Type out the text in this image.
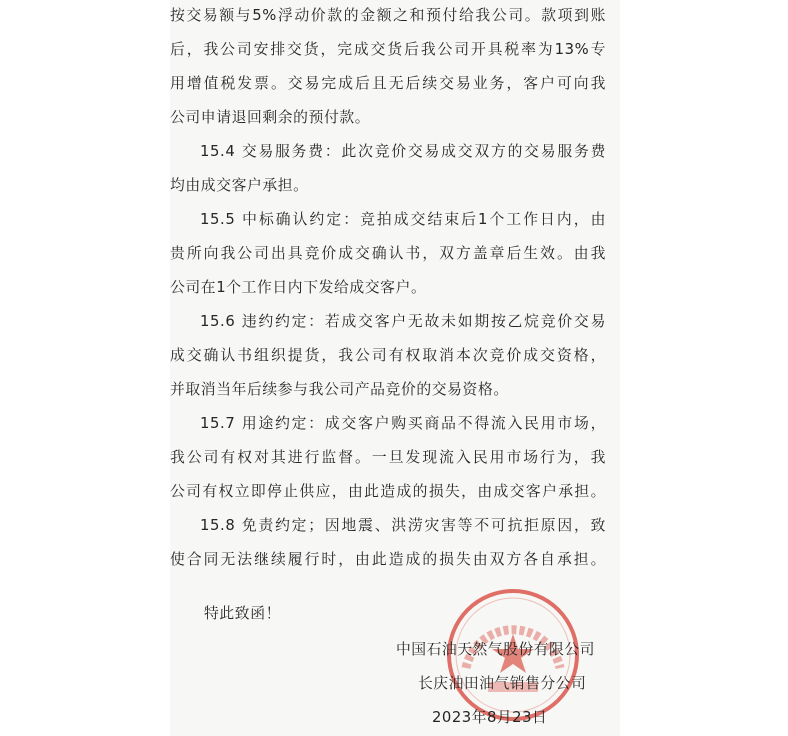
按交易额与5%浮动价款的金额之和预付给我公司。款项到账
后，我公司安排交货，完成交货后我公司开具税率为13%专
用增值税发票。交易完成后且无后续交易业务，客户可向我
公司申请退回剩余的预付款。
15.4 交易服务费：此次竞价交易成交双方的交易服务费
均由成交客户承担。
15.5 中标确认约定：竞拍成交结束后1个工作日内，由
贵所向我公司出具竞价成交确认书，双方盖章后生效。由我
公司在1个工作日内下发给成交客户。
15.6 违约约定：若成交客户无故未如期按乙烷竞价交易
成交确认书组织提货，我公司有权取消本次竞价成交资格，
并取消当年后续参与我公司产品竞价的交易资格。
15.7 用途约定：成交客户购买商品不得流入民用市场，
我公司有权对其进行监督。一旦发现流入民用市场行为，我
公司有权立即停止供应，由此造成的损失，由成交客户承担。
15.8 免责约定；因地震、洪涝灾害等不可抗拒原因，致
使合同无法继续履行时，由此造成的损失由双方各自承担。
特此致函！
中国石油天然气股份有限公司
长庆油田油气销售分公司
2023年8月23日
